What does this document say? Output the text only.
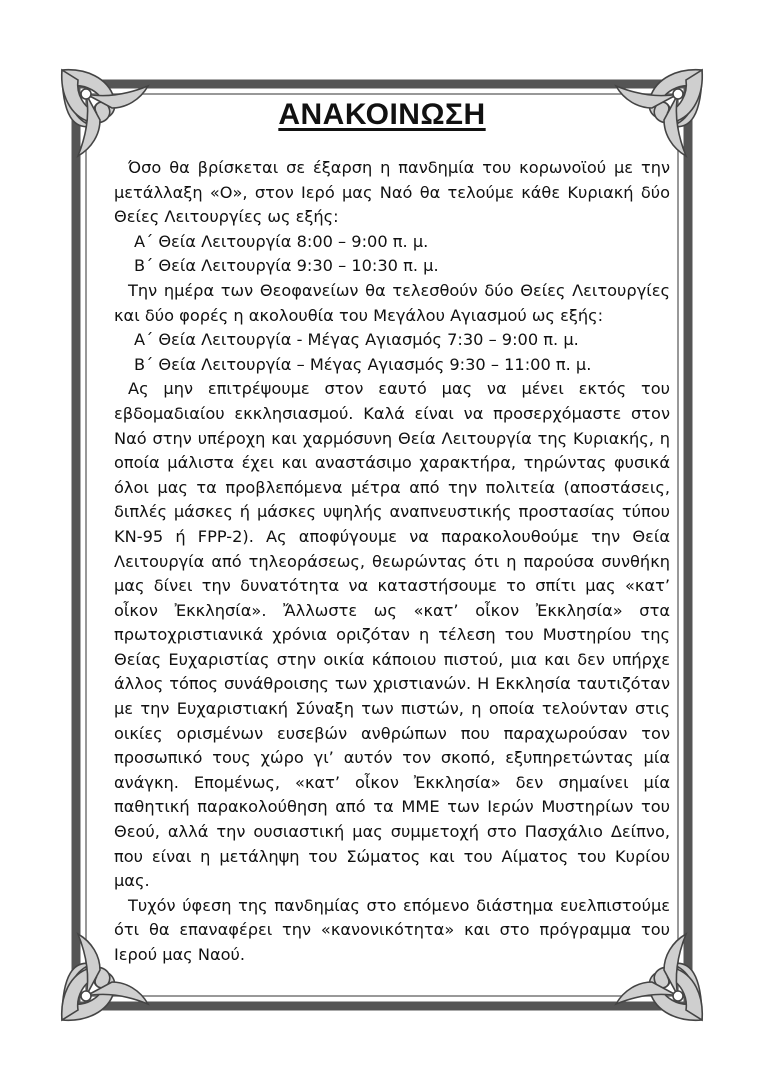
ΑΝΑΚΟΙΝΩΣΗ

Όσο θα βρίσκεται σε έξαρση η πανδημία του κορωνοϊού με την μετάλλαξη «Ο», στον Ιερό μας Ναό θα τελούμε κάθε Κυριακή δύο Θείες Λειτουργίες ως εξής:

Α΄ Θεία Λειτουργία 8:00 – 9:00 π. μ.

Β΄ Θεία Λειτουργία 9:30 – 10:30 π. μ.

Την ημέρα των Θεοφανείων θα τελεσθούν δύο Θείες Λειτουργίες και δύο φορές η ακολουθία του Μεγάλου Αγιασμού ως εξής:

Α΄ Θεία Λειτουργία - Μέγας Αγιασμός 7:30 – 9:00 π. μ.

Β΄ Θεία Λειτουργία – Μέγας Αγιασμός 9:30 – 11:00 π. μ.

Ας μην επιτρέψουμε στον εαυτό μας να μένει εκτός του εβδομαδιαίου εκκλησιασμού. Καλά είναι να προσερχόμαστε στον Ναό στην υπέροχη και χαρμόσυνη Θεία Λειτουργία της Κυριακής, η οποία μάλιστα έχει και αναστάσιμο χαρακτήρα, τηρώντας φυσικά όλοι μας τα προβλεπόμενα μέτρα από την πολιτεία (αποστάσεις, διπλές μάσκες ή μάσκες υψηλής αναπνευστικής προστασίας τύπου KN-95 ή FPP-2). Ας αποφύγουμε να παρακολουθούμε την Θεία Λειτουργία από τηλεοράσεως, θεωρώντας ότι η παρούσα συνθήκη μας δίνει την δυνατότητα να καταστήσουμε το σπίτι μας «κατ’ οἶκον Ἐκκλησία». Ἄλλωστε ως «κατ’ οἶκον Ἐκκλησία» στα πρωτοχριστιανικά χρόνια οριζόταν η τέλεση του Μυστηρίου της Θείας Ευχαριστίας στην οικία κάποιου πιστού, μια και δεν υπήρχε άλλος τόπος συνάθροισης των χριστιανών. Η Εκκλησία ταυτιζόταν με την Ευχαριστιακή Σύναξη των πιστών, η οποία τελούνταν στις οικίες ορισμένων ευσεβών ανθρώπων που παραχωρούσαν τον προσωπικό τους χώρο γι’ αυτόν τον σκοπό, εξυπηρετώντας μία ανάγκη. Επομένως, «κατ’ οἶκον Ἐκκλησία» δεν σημαίνει μία παθητική παρακολούθηση από τα ΜΜΕ των Ιερών Μυστηρίων του Θεού, αλλά την ουσιαστική μας συμμετοχή στο Πασχάλιο Δείπνο, που είναι η μετάληψη του Σώματος και του Αίματος του Κυρίου μας.

Τυχόν ύφεση της πανδημίας στο επόμενο διάστημα ευελπιστούμε ότι θα επαναφέρει την «κανονικότητα» και στο πρόγραμμα του Ιερού μας Ναού.
